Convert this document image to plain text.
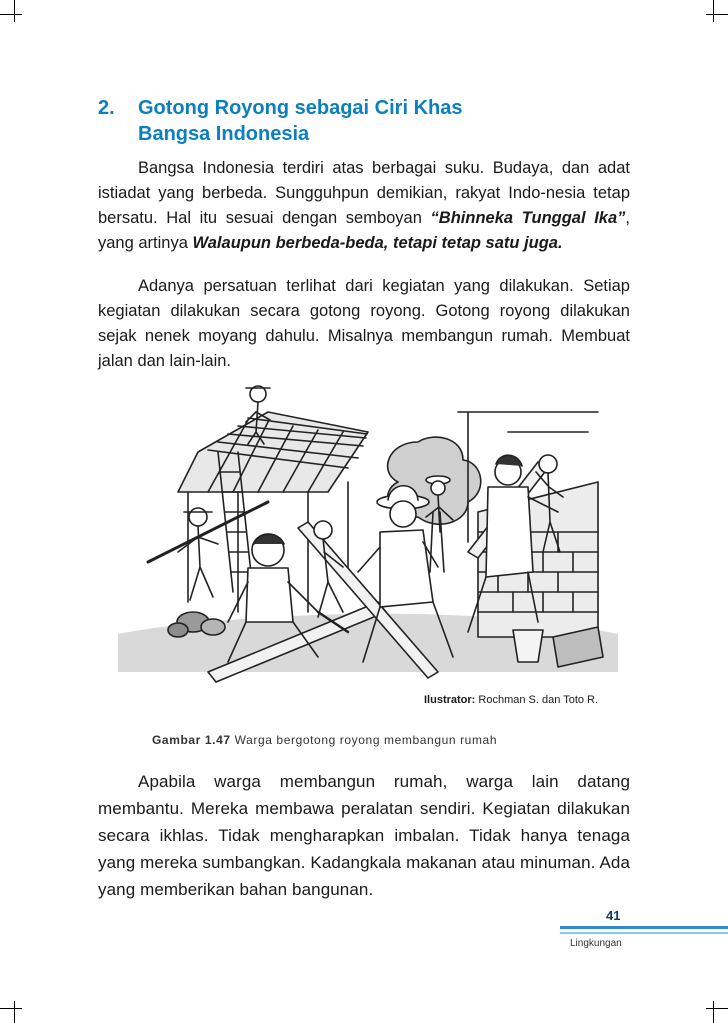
2. Gotong Royong sebagai Ciri Khas
Bangsa Indonesia

Bangsa Indonesia terdiri atas berbagai suku. Budaya, dan adat istiadat yang berbeda. Sungguhpun demikian, rakyat Indo-nesia tetap bersatu. Hal itu sesuai dengan semboyan “Bhinneka Tunggal Ika”, yang artinya Walaupun berbeda-beda, tetapi tetap satu juga.

Adanya persatuan terlihat dari kegiatan yang dilakukan. Setiap kegiatan dilakukan secara gotong royong. Gotong royong dilakukan sejak nenek moyang dahulu. Misalnya membangun rumah. Membuat jalan dan lain-lain.

Ilustrator: Rochman S. dan Toto R.
Gambar 1.47 Warga bergotong royong membangun rumah

Apabila warga membangun rumah, warga lain datang membantu. Mereka membawa peralatan sendiri. Kegiatan dilakukan secara ikhlas. Tidak mengharapkan imbalan. Tidak hanya tenaga yang mereka sumbangkan. Kadangkala makanan atau minuman. Ada yang memberikan bahan bangunan.

41
Lingkungan
